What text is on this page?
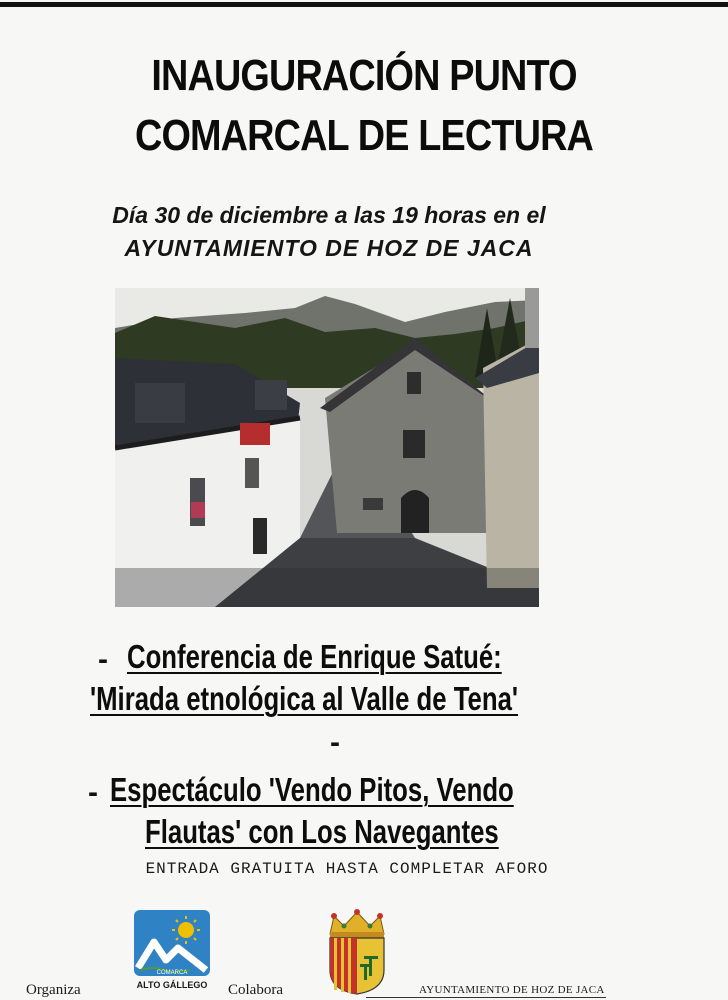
INAUGURACIÓN PUNTO
COMARCAL DE LECTURA
Día 30 de diciembre a las 19 horas en el
AYUNTAMIENTO DE HOZ DE JACA
- Conferencia de Enrique Satué:
'Mirada etnológica al Valle de Tena'
-
- Espectáculo 'Vendo Pitos, Vendo
Flautas' con Los Navegantes
ENTRADA GRATUITA HASTA COMPLETAR AFORO
Organiza
COMARCA
ALTO GÁLLEGO Colabora	AYUNTAMIENTO DE HOZ DE JACA
